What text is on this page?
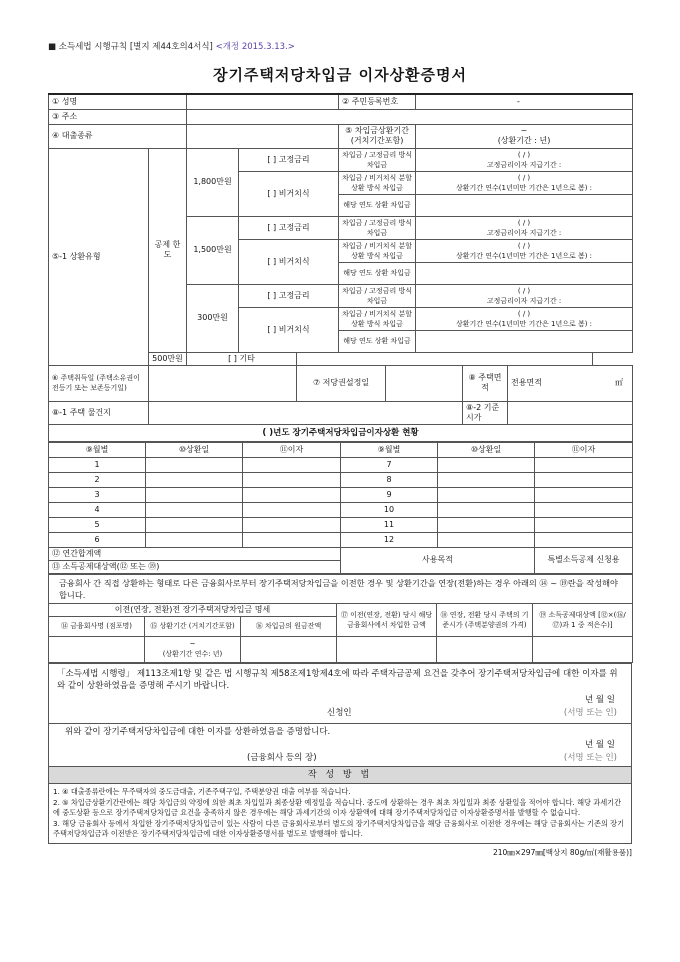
■ 소득세법 시행규칙 [별지 제44호의4서식] <개정 2015.3.13.>
장기주택저당차입금 이자상환증명서
① 성명					② 주민등록번호		-		
③ 주소									
④ 대출종류					⑤ 차입금상환기간 (거치기간포함)		~
(상환기간 : 년)		

⑤-1 상환유형	공제 한도	1,800만원	[ ] 고정금리		차입금 / 고정금리 방식 차입금		( / )
고정금리이자 지급기간 :		

			[ ] 비거치식		차입금 / 비거치식 분할상환 방식 차입금		( / )
상환기간 연수(1년미만 기간은 1년으로 봄) :		

					해당 연도 상환 차입금				
		1,500만원	[ ] 고정금리		차입금 / 고정금리 방식 차입금		( / )
고정금리이자 지급기간 :		

			[ ] 비거치식		차입금 / 비거치식 분할상환 방식 차입금		( / )
상환기간 연수(1년미만 기간은 1년으로 봄) :		

					해당 연도 상환 차입금				
		300만원	[ ] 고정금리		차입금 / 고정금리 방식 차입금		( / )
고정금리이자 지급기간 :		

			[ ] 비거치식		차입금 / 비거치식 분할상환 방식 차입금		( / )
상환기간 연수(1년미만 기간은 1년으로 봄) :		

					해당 연도 상환 차입금				
	500만원	[ ] 기타							
⑥ 주택취득일 (주택소유권이전등기 또는 보존등기일)				⑦ 저당권설정일				⑧ 주택면적	전용면적 ㎡

⑧-1 주택 물건지								⑧-2 기준시가	
( )년도 장기주택저당차입금이자상환 현황									
⑨월별	⑩상환일	⑪이자	⑨월별	⑩상환일	⑪이자
1			7		
2			8		
3			9		
4			10		
5			11		
6			12		
⑫ 연간합계액			사용목적		특별소득공제 신청용
⑬ 소득공제대상액(⑫ 또는 ⑲)					
금융회사 간 직접 상환하는 형태로 다른 금융회사로부터 장기주택저당차입금을 이전한 경우 및 상환기간을 연장(전환)하는 경우 아래의 ⑭ ~ ⑲란을 작성해야 합니다.					
이전(연장, 전환)전 장기주택저당차입금 명세			⑰ 이전(연장, 전환) 당시 해당 금융회사에서 차입한 금액	⑱ 연장, 전환 당시 주택의 기준시가 (주택분양권의 가격)	⑲ 소득공제대상액 [⑫×(⑯/⑰)과 1 중 적은수)]
⑭ 금융회사명 (점포명)	⑮ 상환기간 (거치기간포함)	⑯ 차입금의 원금잔액			

	~
(상환기간 연수: 년)				

「소득세법 시행령」 제113조제1항 및 같은 법 시행규칙 제58조제1항제4호에 따라 주택자금공제 요건을 갖추어 장기주택저당차입금에 대한 이자를 위와 같이 상환하였음을 증명해 주시기 바랍니다.
년 월 일
신청인	(서명 또는 인)

위와 같이 장기주택저당차입금에 대한 이자를 상환하였음을 증명합니다.
년 월 일
(금융회사 등의 장)	(서명 또는 인)

작 성 방 법

1. ④ 대출종류란에는 무주택자의 중도금대출, 기존주택구입, 주택분양권 대출 여부를 적습니다.
2. ⑤ 차입금상환기간란에는 해당 차입금의 약정에 의한 최초 차입일과 최종상환 예정일을 적습니다. 중도에 상환하는 경우 최초 차입일과 최종 상환일을 적어야 합니다. 해당 과세기간에 중도상환 등으로 장기주택저당차입금 요건을 충족하지 않은 경우에는 해당 과세기간의 이자 상환액에 대해 장기주택저당차입금 이자상환증명서를 발행할 수 없습니다.
3. 해당 금융회사 등에서 차입한 장기주택저당차입금이 있는 사람이 다른 금융회사로부터 별도의 장기주택저당차입금을 해당 금융회사로 이전한 경우에는 해당 금융회사는 기존의 장기주택저당차입금과 이전받은 장기주택저당차입금에 대한 이자상환증명서를 별도로 발행해야 합니다.
210㎜×297㎜[백상지 80g/㎡(재활용품)]
